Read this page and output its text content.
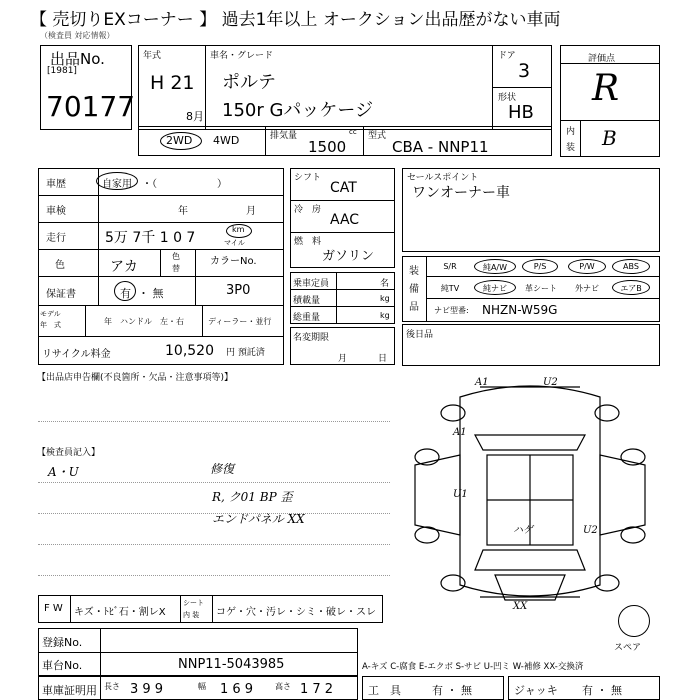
【 売切りEXコーナー 】 過去1年以上 オークション出品歴がない車両
（検査員 対応情報）
出品No.
[1981]
70177
年式
H 21
8月
車名・グレード
ポルテ
150r Gパッケージ
ドア
3
形状
HB
2WD 4WD	排気量	cc
1500
型式
CBA - NNP11
評価点
R
内
装 B
車歴	自家用 ・（　　　　　　）
車検	年	月
走行	5万 7千 1 0 7
km
マイル
色	アカ
色
替
カラーNo.
保証書	有 ・ 無	3P0
モデル
年　式	年 ハンドル　左・右	ディーラー・並行
リサイクル料金	10,520 円 預託済
シフト
CAT
冷　房
AAC
燃　料
ガソリン
乗車定員	名
積載量	kg
総重量	kg
名変期限
月	日
セールスポイント
ワンオーナー車
装
備
品
S/R	純A/W	P/S	P/W	ABS
純TV	純ナビ	革シート	外ナビ	エアB
ナビ型番: NHZN-W59G
後日品
【出品店申告欄(不良箇所・欠品・注意事項等)】
【検査員記入】
A・U	修復
R, ク01 BP 歪
エンドパネル XX
A1	U2
A1
U1
U2
ハゲ
XX
スペア
F W キズ・ﾄﾋﾞ石・割レX
シート
内 装 コゲ・穴・汚レ・シミ・破レ・スレ
登録No.
車台No.	NNP11-5043985
車庫証明用 長さ 3 9 9	幅 1 6 9	高さ 1 7 2
A-キズ C-腐食 E-エクボ S-サビ U-凹ミ W-補修 XX-交換済
工　具	有 ・ 無	ジャッキ 有 ・ 無
